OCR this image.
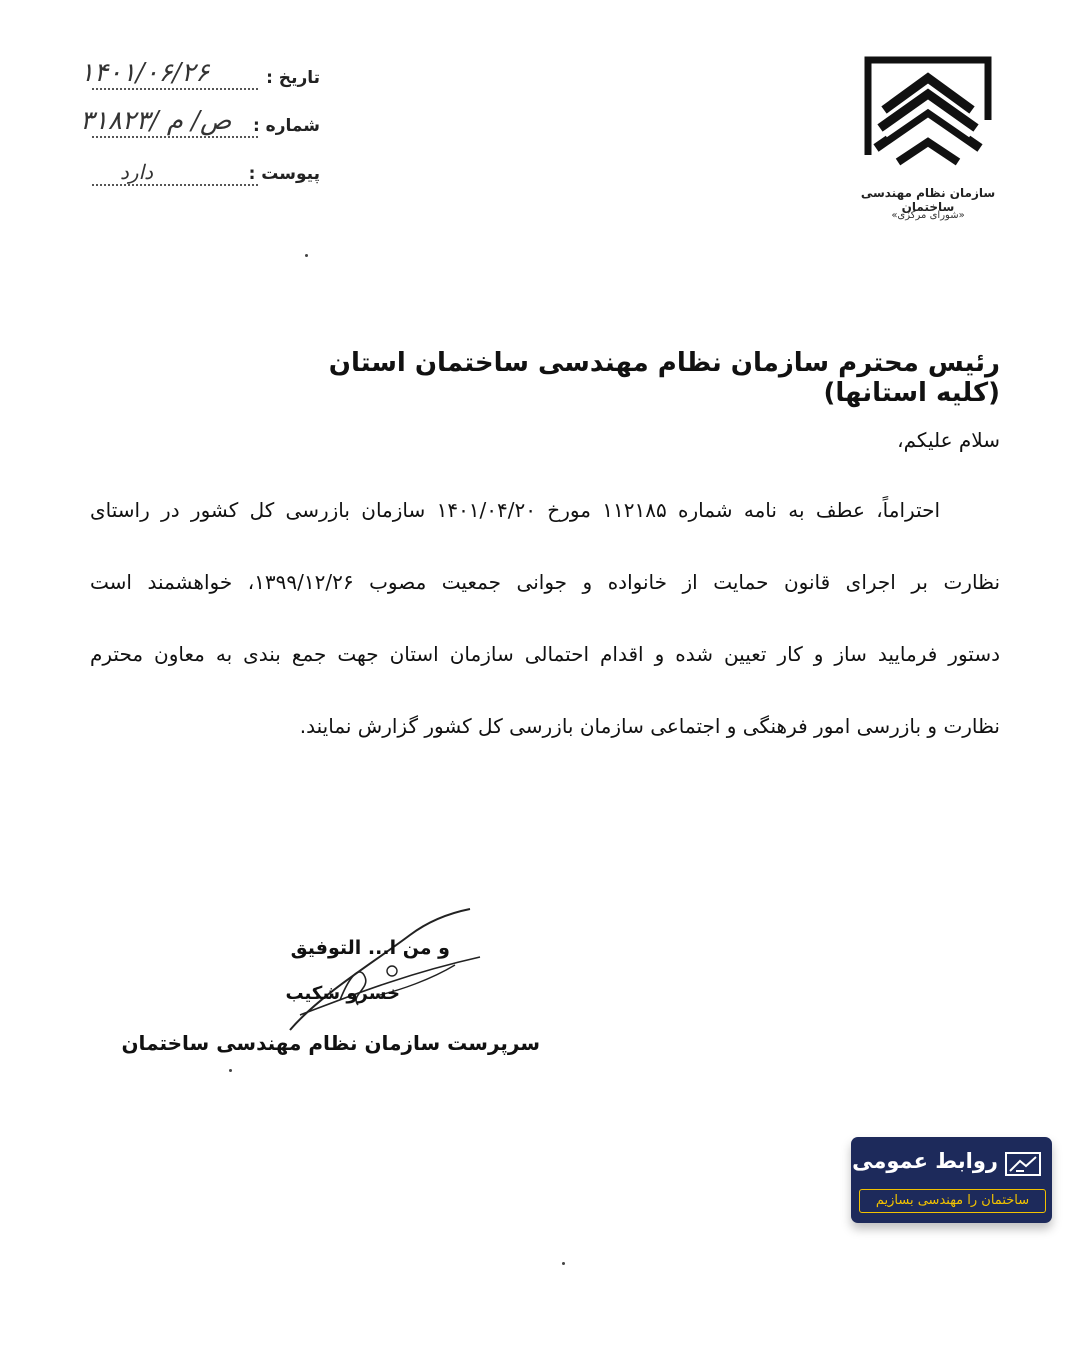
تاریخ :
۱۴۰۱/۰۶/۲۶
شماره :
۳۱۸۲۳/ ص/ م
پیوست :
دارد
سازمان نظام مهندسی ساختمان
«شورای مرکزی»
رئیس محترم سازمان نظام مهندسی ساختمان استان (کلیه استانها)
سلام علیکم،
احتراماً، عطف به نامه شماره ۱۱۲۱۸۵ مورخ ۱۴۰۱/۰۴/۲۰ سازمان بازرسی کل کشور در راستای
نظارت بر اجرای قانون حمایت از خانواده و جوانی جمعیت مصوب ۱۳۹۹/۱۲/۲۶، خواهشمند است
دستور فرمایید ساز و کار تعیین شده و اقدام احتمالی سازمان استان جهت جمع بندی به معاون محترم
نظارت و بازرسی امور فرهنگی و اجتماعی سازمان بازرسی کل کشور گزارش نمایند.
و من ا... التوفیق
خسرو شکیب
سرپرست سازمان نظام مهندسی ساختمان
روابط عمومی
ساختمان را مهندسی بسازیم
